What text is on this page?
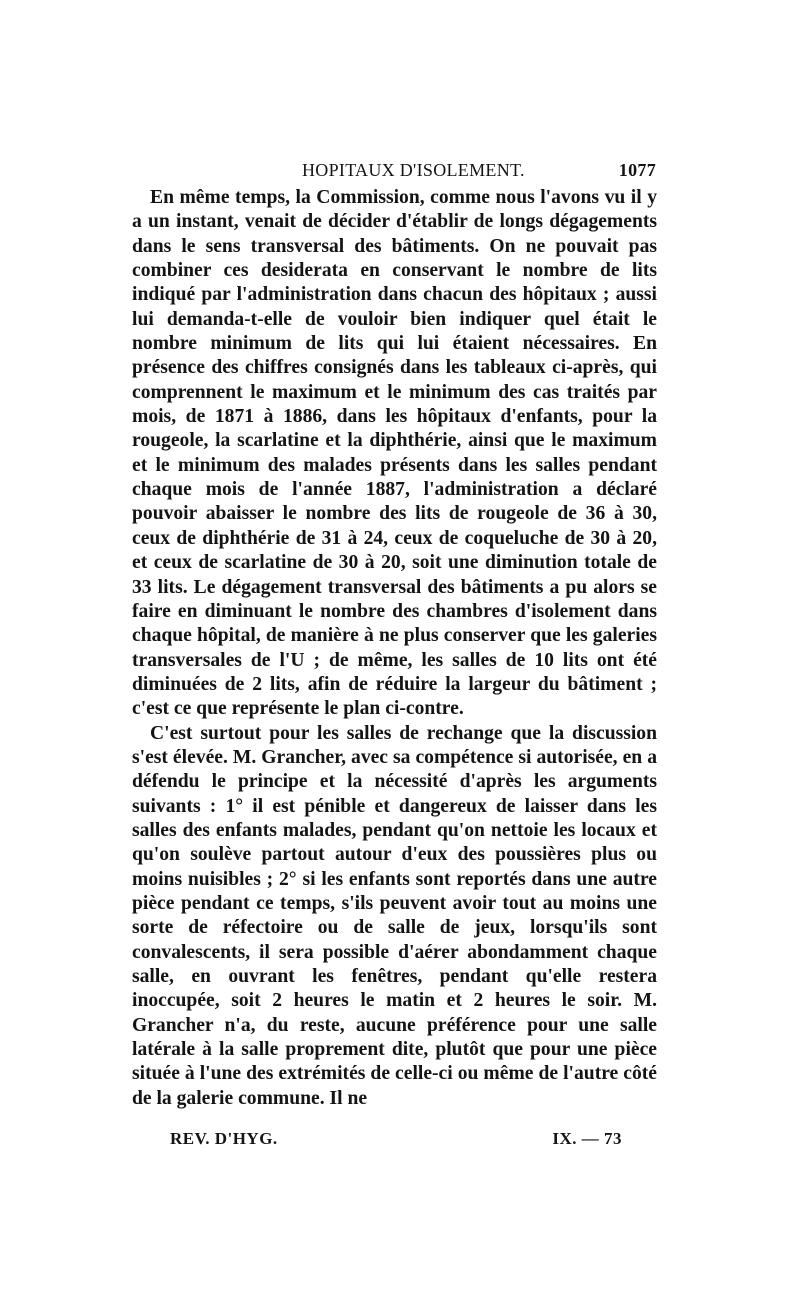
HOPITAUX D'ISOLEMENT.	1077

En même temps, la Commission, comme nous l'avons vu il y a un instant, venait de décider d'établir de longs dégagements dans le sens transversal des bâtiments. On ne pouvait pas combiner ces desiderata en conservant le nombre de lits indiqué par l'administration dans chacun des hôpitaux ; aussi lui demanda-t-elle de vouloir bien indiquer quel était le nombre minimum de lits qui lui étaient nécessaires. En présence des chiffres consignés dans les tableaux ci-après, qui comprennent le maximum et le minimum des cas traités par mois, de 1871 à 1886, dans les hôpitaux d'enfants, pour la rougeole, la scarlatine et la diphthérie, ainsi que le maximum et le minimum des malades présents dans les salles pendant chaque mois de l'année 1887, l'administration a déclaré pouvoir abaisser le nombre des lits de rougeole de 36 à 30, ceux de diphthérie de 31 à 24, ceux de coqueluche de 30 à 20, et ceux de scarlatine de 30 à 20, soit une diminution totale de 33 lits. Le dégagement transversal des bâtiments a pu alors se faire en diminuant le nombre des chambres d'isolement dans chaque hôpital, de manière à ne plus conserver que les galeries transversales de l'U ; de même, les salles de 10 lits ont été diminuées de 2 lits, afin de réduire la largeur du bâtiment ; c'est ce que représente le plan ci-contre.

C'est surtout pour les salles de rechange que la discussion s'est élevée. M. Grancher, avec sa compétence si autorisée, en a défendu le principe et la nécessité d'après les arguments suivants : 1° il est pénible et dangereux de laisser dans les salles des enfants malades, pendant qu'on nettoie les locaux et qu'on soulève partout autour d'eux des poussières plus ou moins nuisibles ; 2° si les enfants sont reportés dans une autre pièce pendant ce temps, s'ils peuvent avoir tout au moins une sorte de réfectoire ou de salle de jeux, lorsqu'ils sont convalescents, il sera possible d'aérer abondamment chaque salle, en ouvrant les fenêtres, pendant qu'elle restera inoccupée, soit 2 heures le matin et 2 heures le soir. M. Grancher n'a, du reste, aucune préférence pour une salle latérale à la salle proprement dite, plutôt que pour une pièce située à l'une des extrémités de celle-ci ou même de l'autre côté de la galerie commune. Il ne

REV. D'HYG.	IX. — 73
